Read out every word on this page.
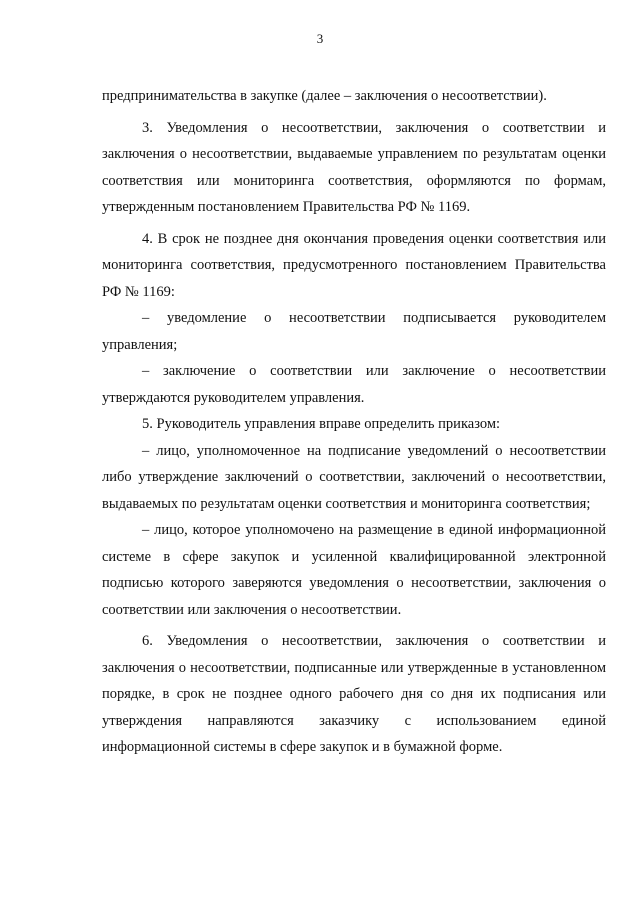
3

предпринимательства в закупке (далее – заключения о несоответствии).

3. Уведомления о несоответствии, заключения о соответствии и заключения о несоответствии, выдаваемые управлением по результатам оценки соответствия или мониторинга соответствия, оформляются по формам, утвержденным постановлением Правительства РФ № 1169.

4. В срок не позднее дня окончания проведения оценки соответствия или мониторинга соответствия, предусмотренного постановлением Правительства РФ № 1169:

– уведомление о несоответствии подписывается руководителем управления;

– заключение о соответствии или заключение о несоответствии утверждаются руководителем управления.

5. Руководитель управления вправе определить приказом:

– лицо, уполномоченное на подписание уведомлений о несоответствии либо утверждение заключений о соответствии, заключений о несоответствии, выдаваемых по результатам оценки соответствия и мониторинга соответствия;

– лицо, которое уполномочено на размещение в единой информационной системе в сфере закупок и усиленной квалифицированной электронной подписью которого заверяются уведомления о несоответствии, заключения о соответствии или заключения о несоответствии.

6. Уведомления о несоответствии, заключения о соответствии и заключения о несоответствии, подписанные или утвержденные в установленном порядке, в срок не позднее одного рабочего дня со дня их подписания или утверждения направляются заказчику с использованием единой информационной системы в сфере закупок и в бумажной форме.
